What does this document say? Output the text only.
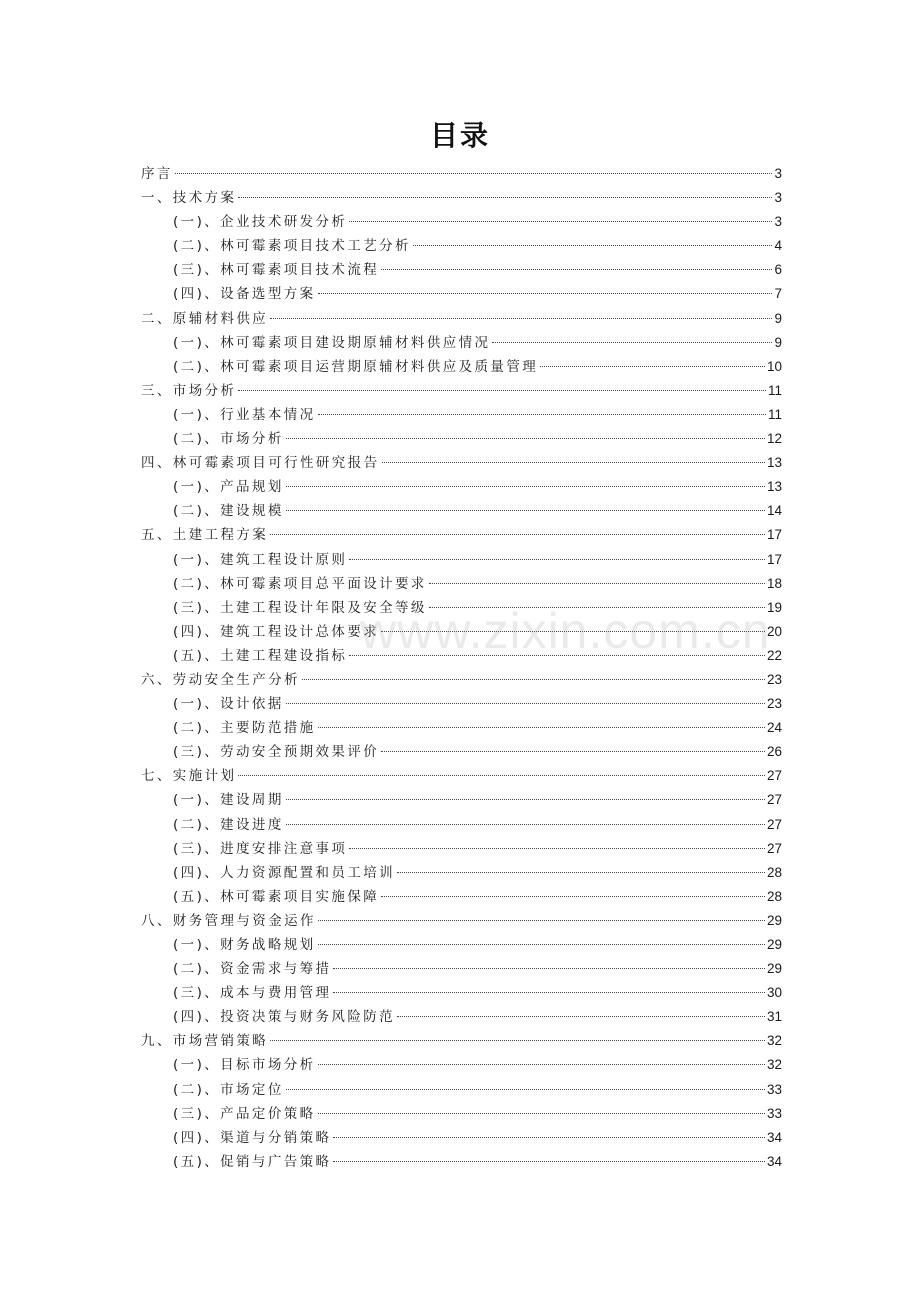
目录
序言	3
一、技术方案	3
(一)、企业技术研发分析	3
(二)、林可霉素项目技术工艺分析	4
(三)、林可霉素项目技术流程	6
(四)、设备选型方案	7
二、原辅材料供应	9
(一)、林可霉素项目建设期原辅材料供应情况	9
(二)、林可霉素项目运营期原辅材料供应及质量管理	10
三、市场分析	11
(一)、行业基本情况	11
(二)、市场分析	12
四、林可霉素项目可行性研究报告	13
(一)、产品规划	13
(二)、建设规模	14
五、土建工程方案	17
(一)、建筑工程设计原则	17
(二)、林可霉素项目总平面设计要求	18
(三)、土建工程设计年限及安全等级	19
(四)、建筑工程设计总体要求	20
(五)、土建工程建设指标	22
六、劳动安全生产分析	23
(一)、设计依据	23
(二)、主要防范措施	24
(三)、劳动安全预期效果评价	26
七、实施计划	27
(一)、建设周期	27
(二)、建设进度	27
(三)、进度安排注意事项	27
(四)、人力资源配置和员工培训	28
(五)、林可霉素项目实施保障	28
八、财务管理与资金运作	29
(一)、财务战略规划	29
(二)、资金需求与筹措	29
(三)、成本与费用管理	30
(四)、投资决策与财务风险防范	31
九、市场营销策略	32
(一)、目标市场分析	32
(二)、市场定位	33
(三)、产品定价策略	33
(四)、渠道与分销策略	34
(五)、促销与广告策略	34
www.zixin.com.cn
